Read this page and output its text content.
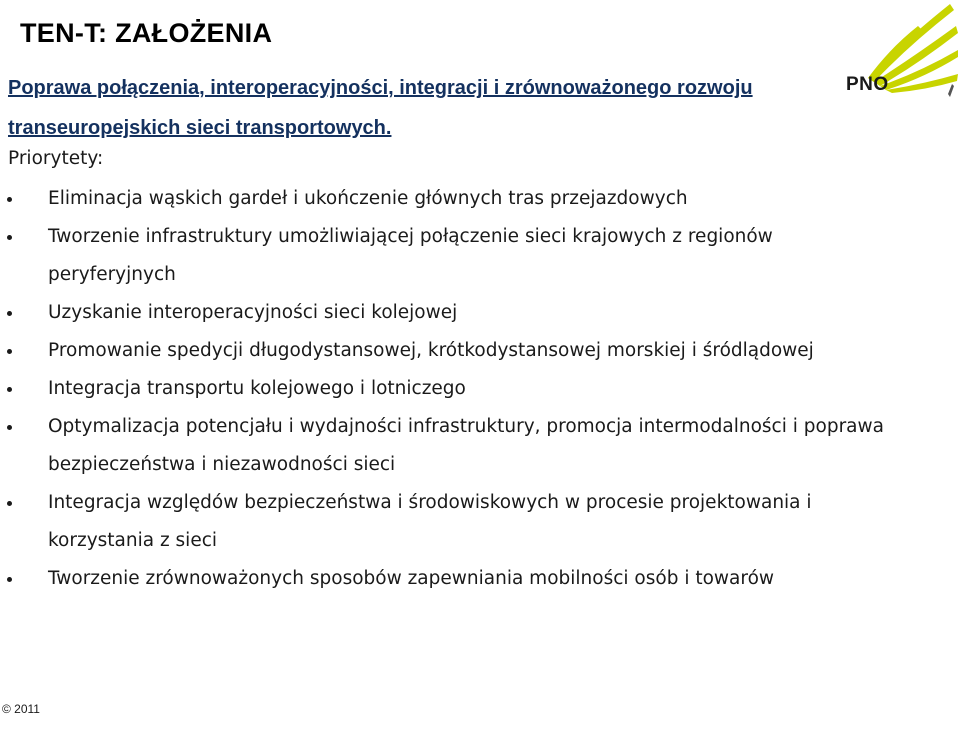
TEN-T: ZAŁOŻENIA
PNO
Poprawa połączenia, interoperacyjności, integracji i zrównoważonego rozwoju transeuropejskich sieci transportowych.
Priorytety:
Eliminacja wąskich gardeł i ukończenie głównych tras przejazdowych
Tworzenie infrastruktury umożliwiającej połączenie sieci krajowych z regionów peryferyjnych
Uzyskanie interoperacyjności sieci kolejowej
Promowanie spedycji długodystansowej, krótkodystansowej morskiej i śródlądowej
Integracja transportu kolejowego i lotniczego
Optymalizacja potencjału i wydajności infrastruktury, promocja intermodalności i poprawa bezpieczeństwa i niezawodności sieci
Integracja względów bezpieczeństwa i środowiskowych w procesie projektowania i korzystania z sieci
Tworzenie zrównoważonych sposobów zapewniania mobilności osób i towarów
© 2011
